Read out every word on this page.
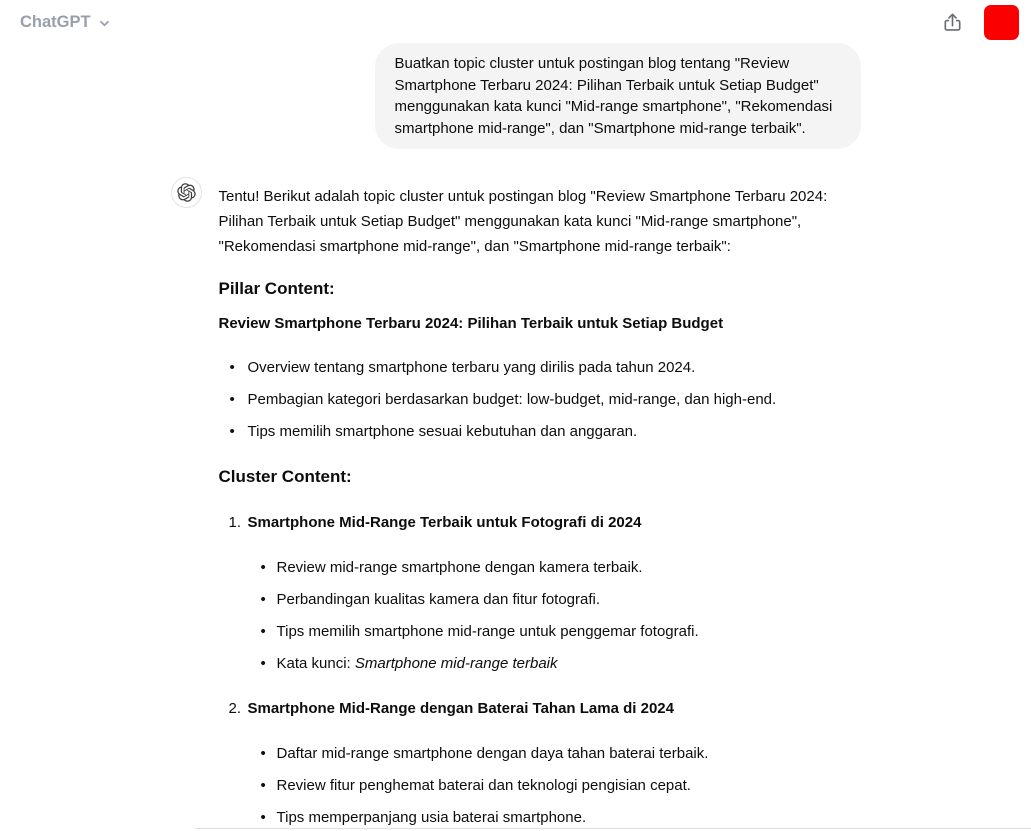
ChatGPT
Buatkan topic cluster untuk postingan blog tentang "Review Smartphone Terbaru 2024: Pilihan Terbaik untuk Setiap Budget" menggunakan kata kunci "Mid-range smartphone", "Rekomendasi smartphone mid-range", dan "Smartphone mid-range terbaik".

Tentu! Berikut adalah topic cluster untuk postingan blog "Review Smartphone Terbaru 2024: Pilihan Terbaik untuk Setiap Budget" menggunakan kata kunci "Mid-range smartphone", "Rekomendasi smartphone mid-range", dan "Smartphone mid-range terbaik":

Pillar Content:

Review Smartphone Terbaru 2024: Pilihan Terbaik untuk Setiap Budget

• Overview tentang smartphone terbaru yang dirilis pada tahun 2024.
• Pembagian kategori berdasarkan budget: low-budget, mid-range, dan high-end.
• Tips memilih smartphone sesuai kebutuhan dan anggaran.
Cluster Content:
1. Smartphone Mid-Range Terbaik untuk Fotografi di 2024
• Review mid-range smartphone dengan kamera terbaik.
• Perbandingan kualitas kamera dan fitur fotografi.
• Tips memilih smartphone mid-range untuk penggemar fotografi.
• Kata kunci: Smartphone mid-range terbaik
2. Smartphone Mid-Range dengan Baterai Tahan Lama di 2024
• Daftar mid-range smartphone dengan daya tahan baterai terbaik.
• Review fitur penghemat baterai dan teknologi pengisian cepat.
• Tips memperpanjang usia baterai smartphone.
